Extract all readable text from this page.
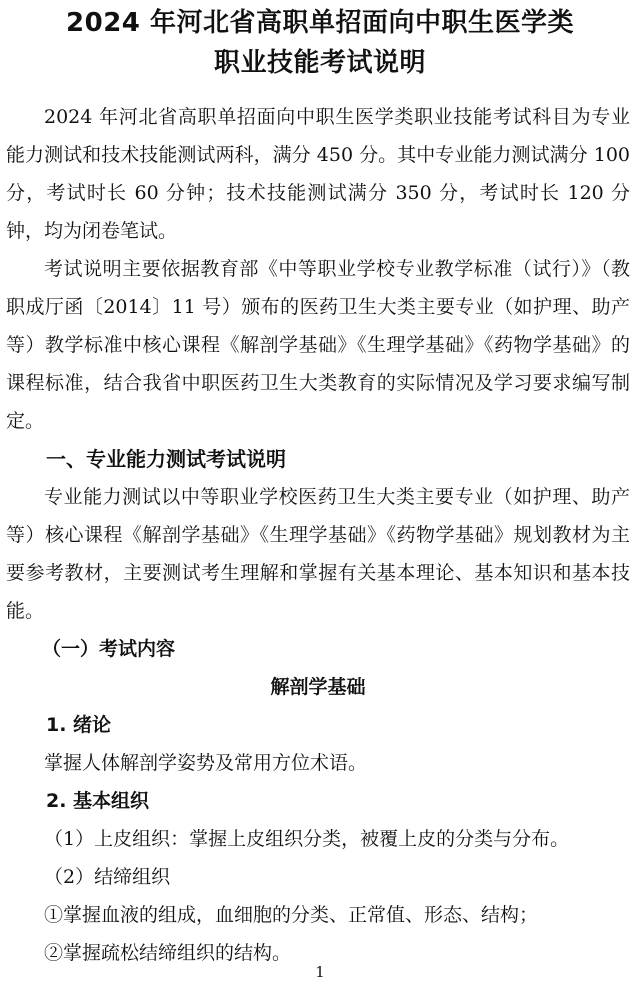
2024 年河北省高职单招面向中职生医学类
职业技能考试说明

2024 年河北省高职单招面向中职生医学类职业技能考试科目为专业能力测试和技术技能测试两科，满分 450 分。其中专业能力测试满分 100 分，考试时长 60 分钟；技术技能测试满分 350 分，考试时长 120 分钟，均为闭卷笔试。

考试说明主要依据教育部《中等职业学校专业教学标准（试行）》（教职成厅函〔2014〕11 号）颁布的医药卫生大类主要专业（如护理、助产等）教学标准中核心课程《解剖学基础》《生理学基础》《药物学基础》的课程标准，结合我省中职医药卫生大类教育的实际情况及学习要求编写制定。

一、专业能力测试考试说明

专业能力测试以中等职业学校医药卫生大类主要专业（如护理、助产等）核心课程《解剖学基础》《生理学基础》《药物学基础》规划教材为主要参考教材，主要测试考生理解和掌握有关基本理论、基本知识和基本技能。

（一）考试内容

解剖学基础

1. 绪论

掌握人体解剖学姿势及常用方位术语。

2. 基本组织

（1）上皮组织：掌握上皮组织分类，被覆上皮的分类与分布。

（2）结缔组织

①掌握血液的组成，血细胞的分类、正常值、形态、结构；

②掌握疏松结缔组织的结构。

1
